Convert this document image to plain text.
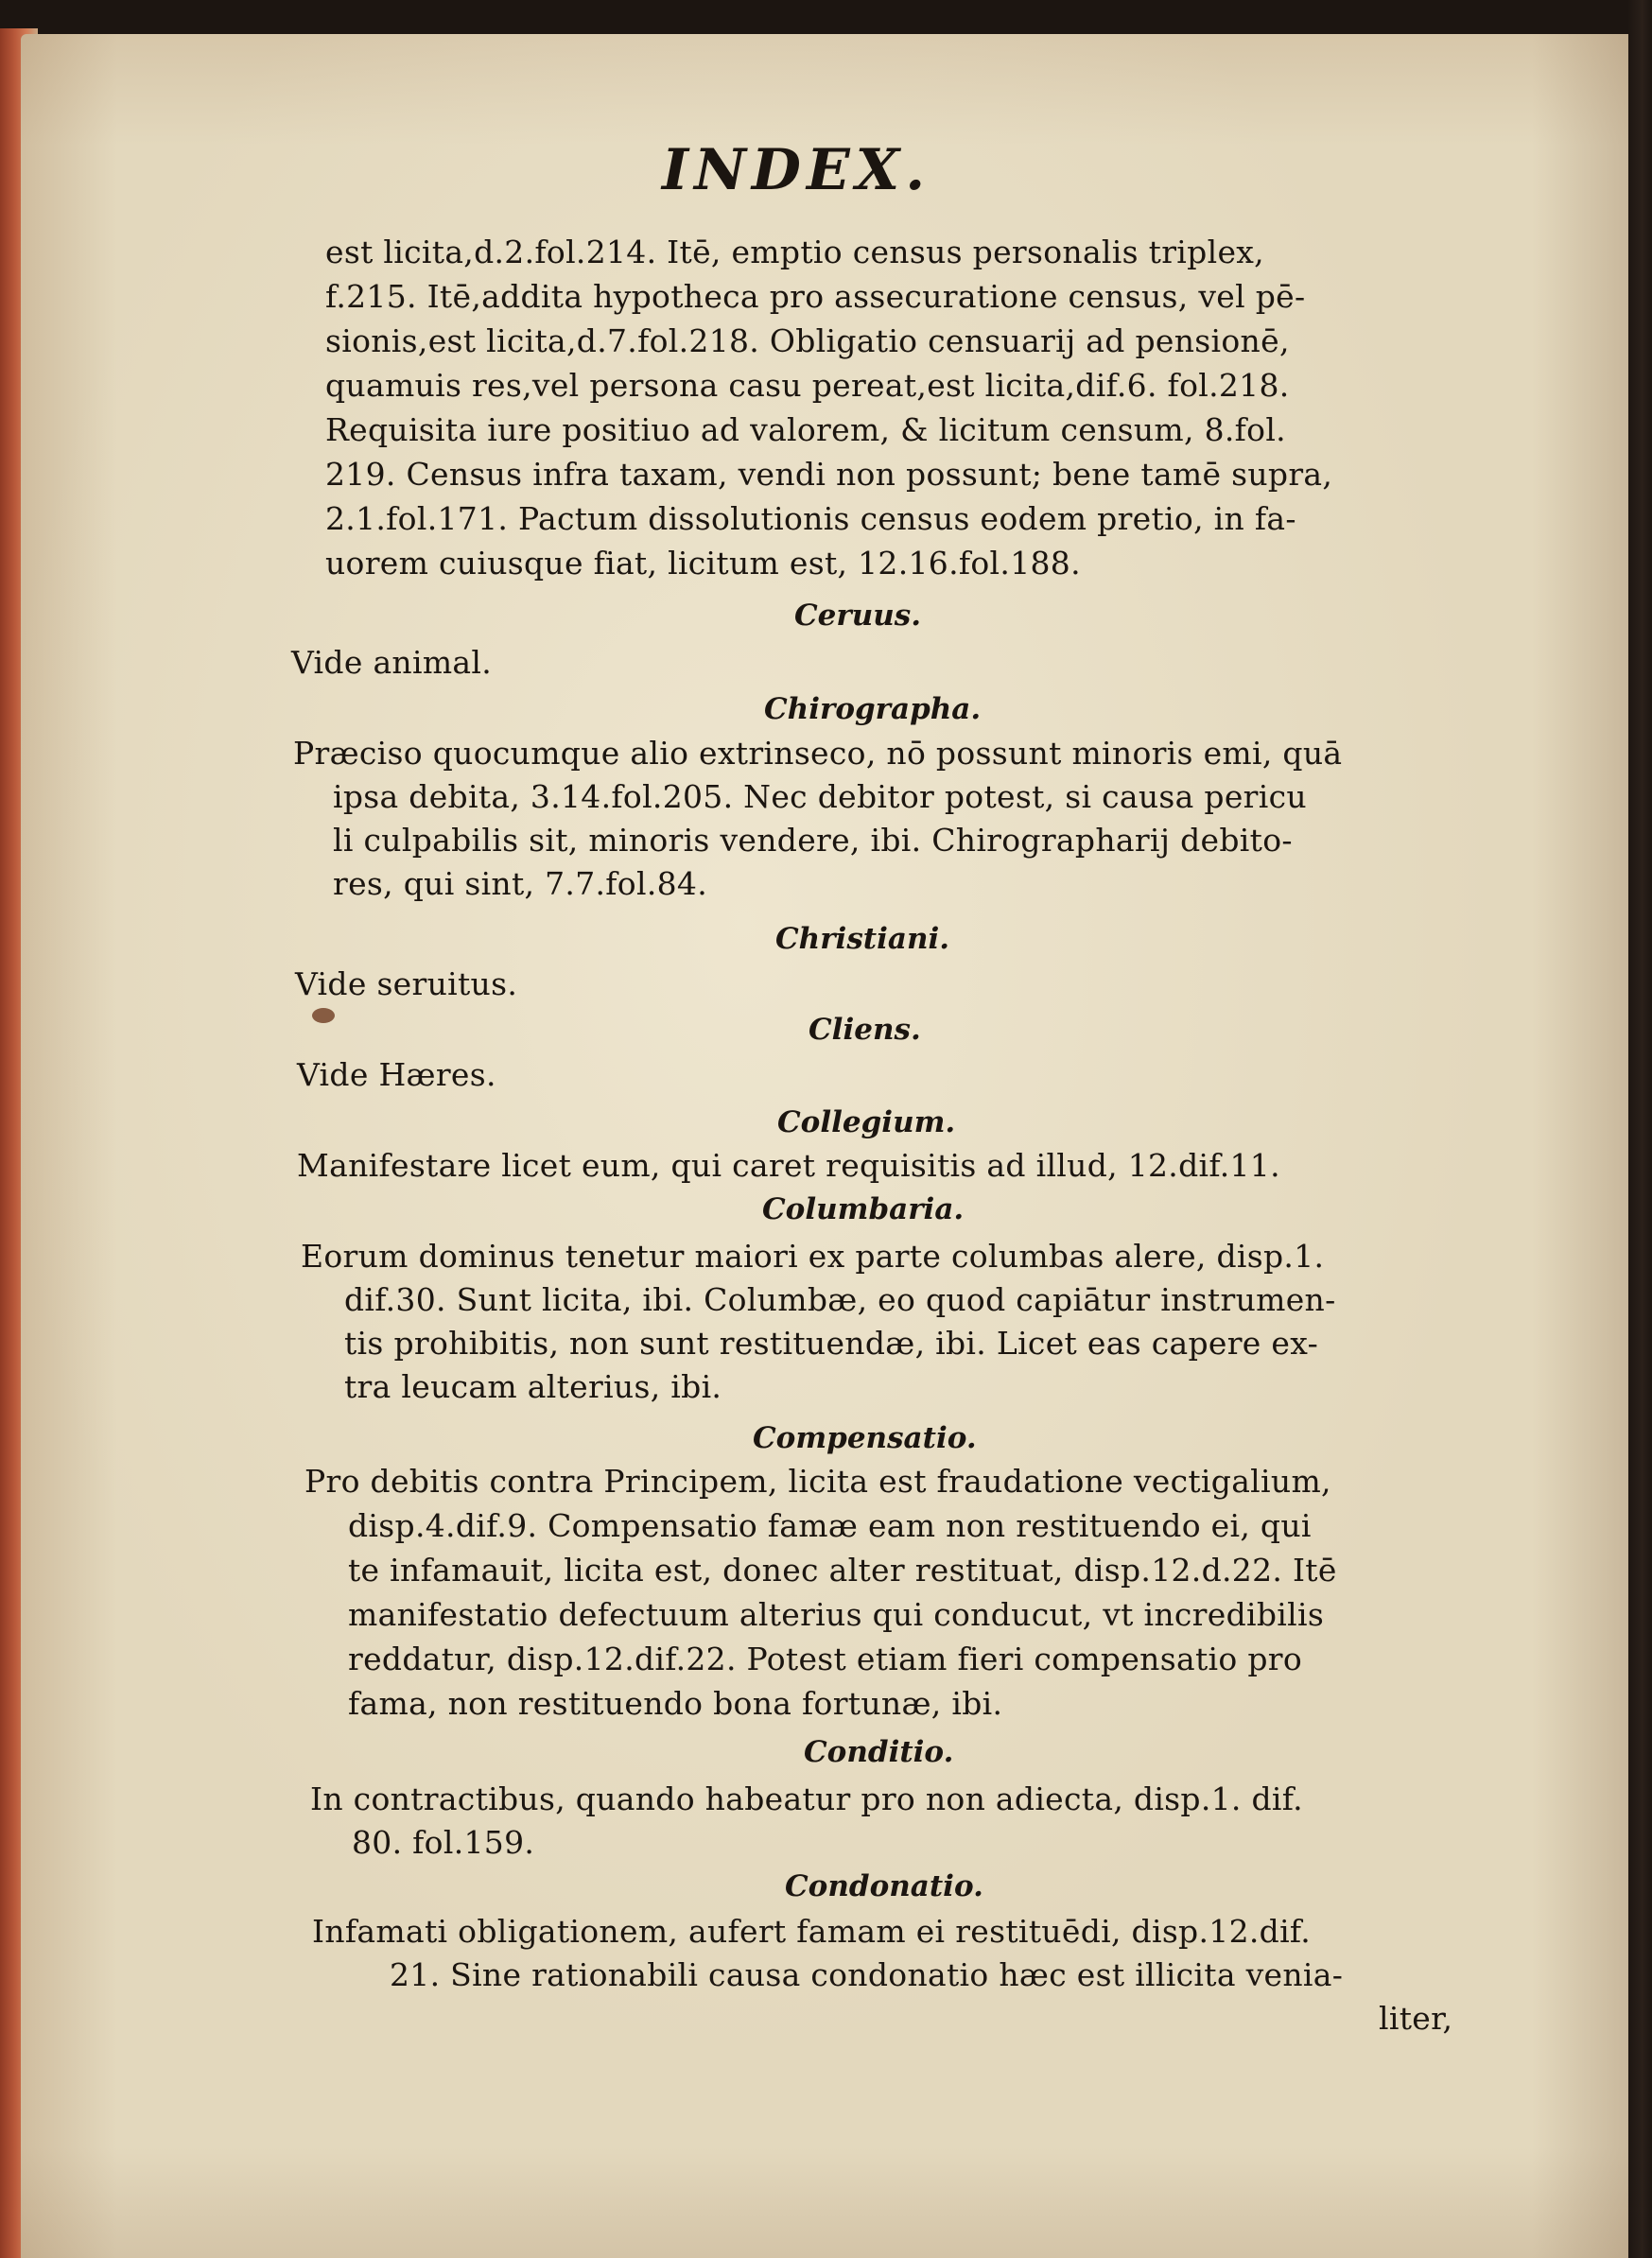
INDEX.
est licita,d.2.fol.214. Itē, emptio census personalis triplex,
f.215. Itē,addita hypotheca pro assecuratione census, vel pē-
sionis,est licita,d.7.fol.218. Obligatio censuarij ad pensionē,
quamuis res,vel persona casu pereat,est licita,dif.6. fol.218.
Requisita iure positiuo ad valorem, & licitum censum, 8.fol.
219. Census infra taxam, vendi non possunt; bene tamē supra,
2.1.fol.171. Pactum dissolutionis census eodem pretio, in fa-
uorem cuiusque fiat, licitum est, 12.16.fol.188.
Ceruus.
Vide animal.
Chirographa.
Præciso quocumque alio extrinseco, nō possunt minoris emi, quā
ipsa debita, 3.14.fol.205. Nec debitor potest, si causa pericu
li culpabilis sit, minoris vendere, ibi. Chirographarij debito-
res, qui sint, 7.7.fol.84.
Christiani.
Vide seruitus.
Cliens.
Vide Hæres.
Collegium.
Manifestare licet eum, qui caret requisitis ad illud, 12.dif.11.
Columbaria.
Eorum dominus tenetur maiori ex parte columbas alere, disp.1.
dif.30. Sunt licita, ibi. Columbæ, eo quod capiātur instrumen-
tis prohibitis, non sunt restituendæ, ibi. Licet eas capere ex-
tra leucam alterius, ibi.
Compensatio.
Pro debitis contra Principem, licita est fraudatione vectigalium,
disp.4.dif.9. Compensatio famæ eam non restituendo ei, qui
te infamauit, licita est, donec alter restituat, disp.12.d.22. Itē
manifestatio defectuum alterius qui conducut, vt incredibilis
reddatur, disp.12.dif.22. Potest etiam fieri compensatio pro
fama, non restituendo bona fortunæ, ibi.
Conditio.
In contractibus, quando habeatur pro non adiecta, disp.1. dif.
80. fol.159.
Condonatio.
Infamati obligationem, aufert famam ei restituēdi, disp.12.dif.
21. Sine rationabili causa condonatio hæc est illicita venia-
liter,
